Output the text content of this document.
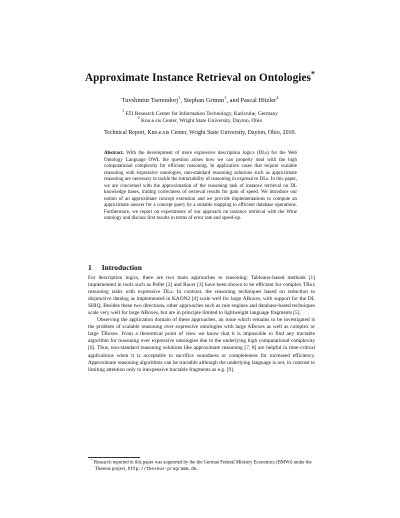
Approximate Instance Retrieval on Ontologies*
Tuvshintur Tserendorj$^1$, Stephan Grimm$^1$, and Pascal Hitzler$^2$
$^1$ FZI Research Center for Information Technology, Karlsruhe, Germany
$^2$ Kno.e.sis Center, Wright State University, Dayton, Ohio
Technical Report, Kno.e.sis Center, Wright State University, Dayton, Ohio, 2010.
Abstract. With the development of more expressive description logics (DLs) for the Web Ontology Language OWL the question arises how we can properly deal with the high computational complexity for efficient reasoning. In application cases that require scalable reasoning with expressive ontologies, non-standard reasoning solutions such as approximate reasoning are necessary to tackle the intractability of reasoning in expressive DLs. In this paper, we are concerned with the approximation of the reasoning task of instance retrieval on DL knowledge bases, trading correctness of retrieval results for gain of speed. We introduce our notion of an approximate concept extension and we provide implementations to compute an approximate answer for a concept query by a suitable mapping to efficient database operations. Furthermore, we report on experiments of our approach on instance retrieval with the Wine ontology and discuss first results in terms of error rate and speed-up.
1 Introduction

For description logics, there are two main approaches to reasoning: Tableaux-based methods [1] implemented in tools such as Pellet [2] and Racer [3] have been shown to be efficient for complex TBox reasoning tasks with expressive DLs. In contrast, the reasoning techniques based on reduction to disjunctive datalog as implemented in KAON2 [4] scale well for large ABoxes, with support for the DL SHIQ. Besides these two directions, other approaches such as rule engines and database-based techniques scale very well for large ABoxes, but are in principle limited to lightweight language fragments [5].

Observing the application domain of these approaches, an issue which remains to be investigated is the problem of scalable reasoning over expressive ontologies with large ABoxes as well as complex or large TBoxes. From a theoretical point of view we know that it is impossible to find any tractable algorithm for reasoning over expressive ontologies due to the underlying high computational complexity [6]. Thus, non-standard reasoning solutions like approximate reasoning [7, 8] are helpful in time-critical applications when it is acceptable to sacrifice soundness or completeness for increased efficiency. Approximate reasoning algorithms can be tractable although the underlying language is not, in contrast to limiting attention only to inexpensive tractable fragments as e.g. [9].

* Research reported in this paper was supported by the the German Federal Ministry Economics (BMWi) under the Theseus project, http://theseus-programm.de.
